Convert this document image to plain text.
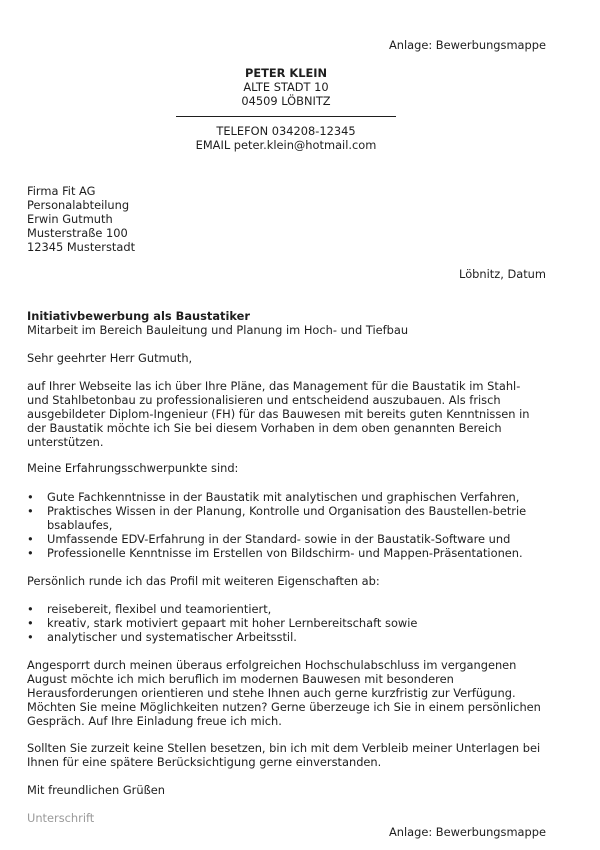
Anlage: Bewerbungsmappe
PETER KLEIN
ALTE STADT 10
04509 LÖBNITZ
TELEFON 034208-12345
EMAIL peter.klein@hotmail.com
Firma Fit AG
Personalabteilung
Erwin Gutmuth
Musterstraße 100
12345 Musterstadt
Löbnitz, Datum
Initiativbewerbung als Baustatiker
Mitarbeit im Bereich Bauleitung und Planung im Hoch- und Tiefbau
Sehr geehrter Herr Gutmuth,
auf Ihrer Webseite las ich über Ihre Pläne, das Management für die Baustatik im Stahl-
und Stahlbetonbau zu professionalisieren und entscheidend auszubauen. Als frisch
ausgebildeter Diplom-Ingenieur (FH) für das Bauwesen mit bereits guten Kenntnissen in
der Baustatik möchte ich Sie bei diesem Vorhaben in dem oben genannten Bereich
unterstützen.
Meine Erfahrungsschwerpunkte sind:
• Gute Fachkenntnisse in der Baustatik mit analytischen und graphischen Verfahren,
• Praktisches Wissen in der Planung, Kontrolle und Organisation des Baustellen-betriebsablaufes,
• Umfassende EDV-Erfahrung in der Standard- sowie in der Baustatik-Software und
• Professionelle Kenntnisse im Erstellen von Bildschirm- und Mappen-Präsentationen.
Persönlich runde ich das Profil mit weiteren Eigenschaften ab:
• reisebereit, flexibel und teamorientiert,
• kreativ, stark motiviert gepaart mit hoher Lernbereitschaft sowie
• analytischer und systematischer Arbeitsstil.
Angesporrt durch meinen überaus erfolgreichen Hochschulabschluss im vergangenen
August möchte ich mich beruflich im modernen Bauwesen mit besonderen
Herausforderungen orientieren und stehe Ihnen auch gerne kurzfristig zur Verfügung.
Möchten Sie meine Möglichkeiten nutzen? Gerne überzeuge ich Sie in einem persönlichen
Gespräch. Auf Ihre Einladung freue ich mich.
Sollten Sie zurzeit keine Stellen besetzen, bin ich mit dem Verbleib meiner Unterlagen bei
Ihnen für eine spätere Berücksichtigung gerne einverstanden.
Mit freundlichen Grüßen
Unterschrift
Anlage: Bewerbungsmappe
